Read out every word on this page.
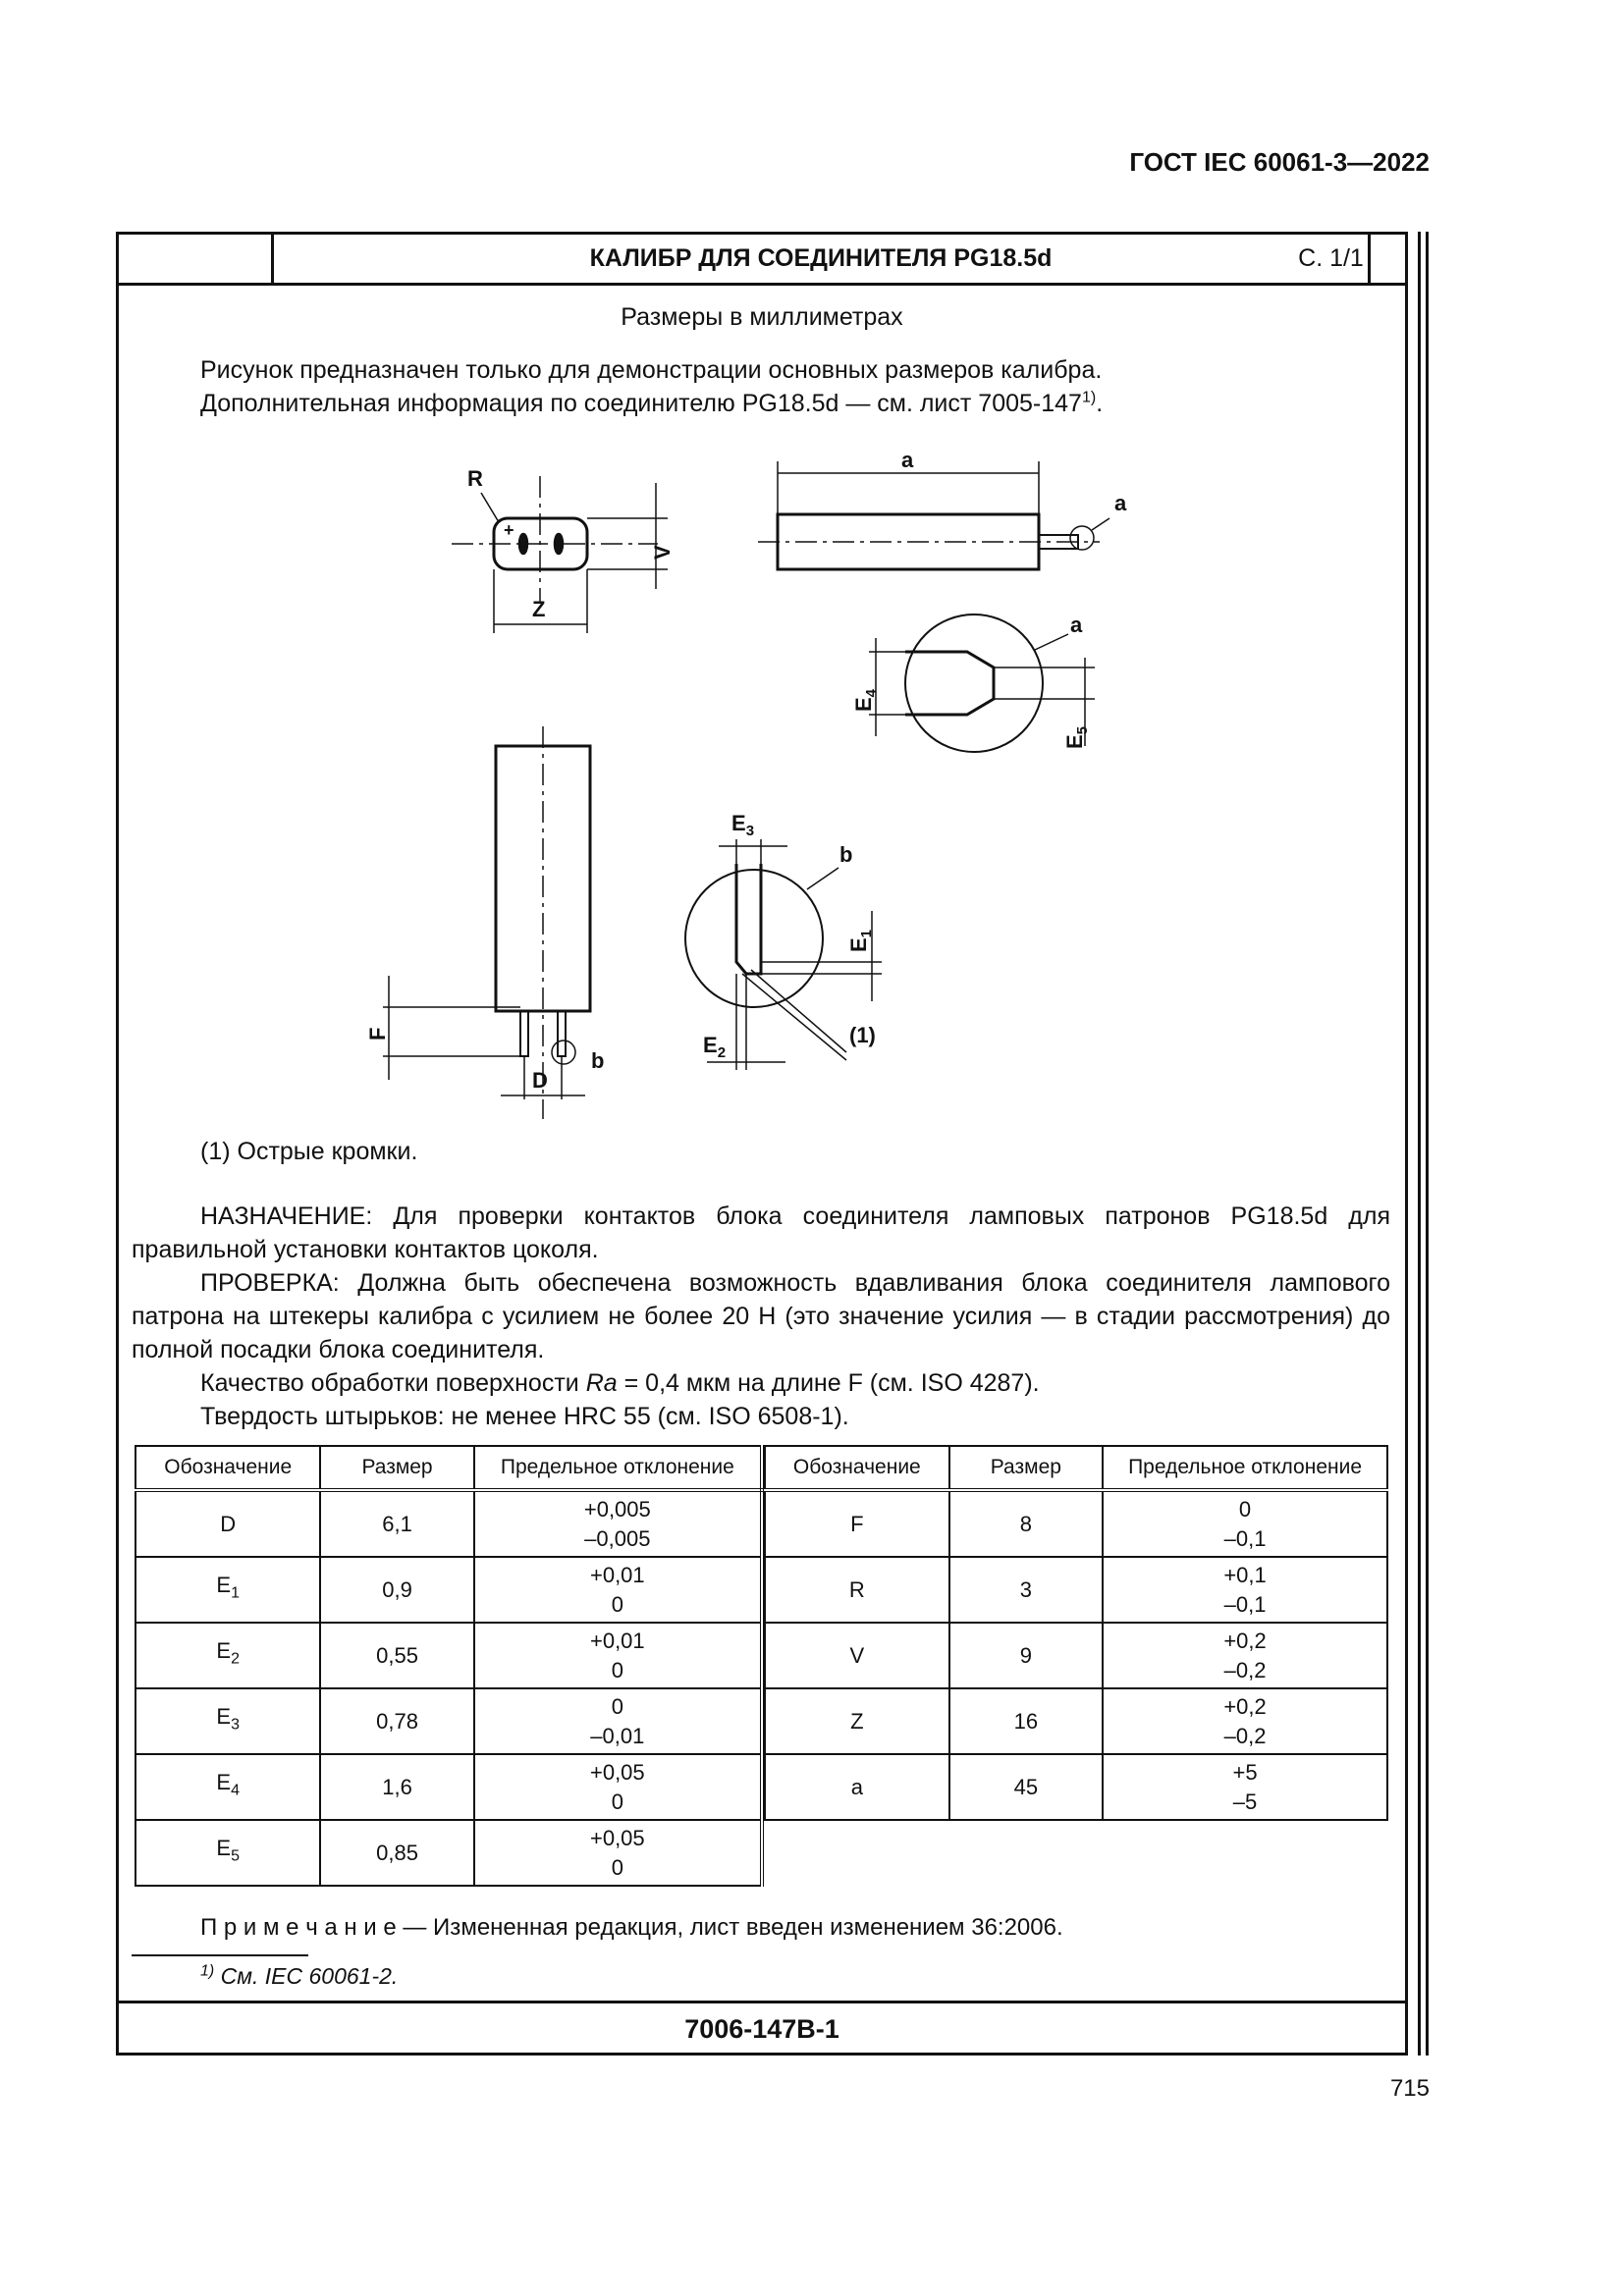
ГОСТ IEC 60061-3—2022
КАЛИБР ДЛЯ СОЕДИНИТЕЛЯ PG18.5d	С. 1/1
Размеры в миллиметрах
Рисунок предназначен только для демонстрации основных размеров калибра.
Дополнительная информация по соединителю PG18.5d — см. лист $7005-147^{1)}$.
+
R
V
Z
a
a
a
$E_4$
$E_5$
b
F
D
b
$E_3$
$E_1$
$E_2$
(1)
(1) Острые кромки.
НАЗНАЧЕНИЕ: Для проверки контактов блока соединителя ламповых патронов PG18.5d для правильной установки контактов цоколя.
ПРОВЕРКА: Должна быть обеспечена возможность вдавливания блока соединителя лампового патрона на штекеры калибра с усилием не более 20 Н (это значение усилия — в стадии рассмотрения) до полной посадки блока соединителя.
Качество обработки поверхности Ra = 0,4 мкм на длине F (см. ISO 4287).
Твердость штырьков: не менее HRC 55 (см. ISO 6508-1).
Обозначение	Размер	Предельное отклонение
D	6,1	+0,005
–0,005

$E_1$	0,9	+0,01
0

$E_2$	0,55	+0,01
0

$E_3$	0,78	0
–0,01

$E_4$	1,6	+0,05
0

$E_5$	0,85	+0,05
0
Обозначение	Размер	Предельное отклонение
F	8	0
–0,1

R	3	+0,1
–0,1

V	9	+0,2
–0,2

Z	16	+0,2
–0,2

a	45	+5
–5
П р и м е ч а н и е — Измененная редакция, лист введен изменением 36:2006.
$^{1)}$ См. IEC 60061-2.
7006-147B-1
715
